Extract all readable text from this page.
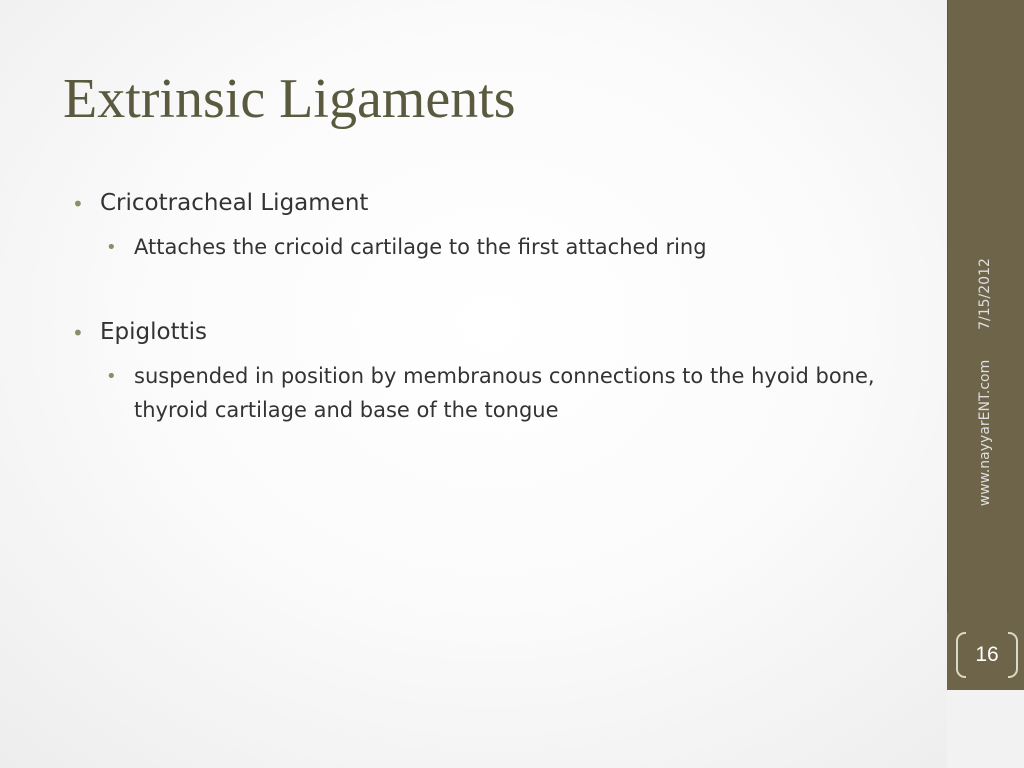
Extrinsic Ligaments
• Cricotracheal Ligament
• Attaches the cricoid cartilage to the first attached ring
• Epiglottis
• suspended in position by membranous connections to the hyoid bone, thyroid cartilage and base of the tongue
7/15/2012
www.nayyarENT.com
16
